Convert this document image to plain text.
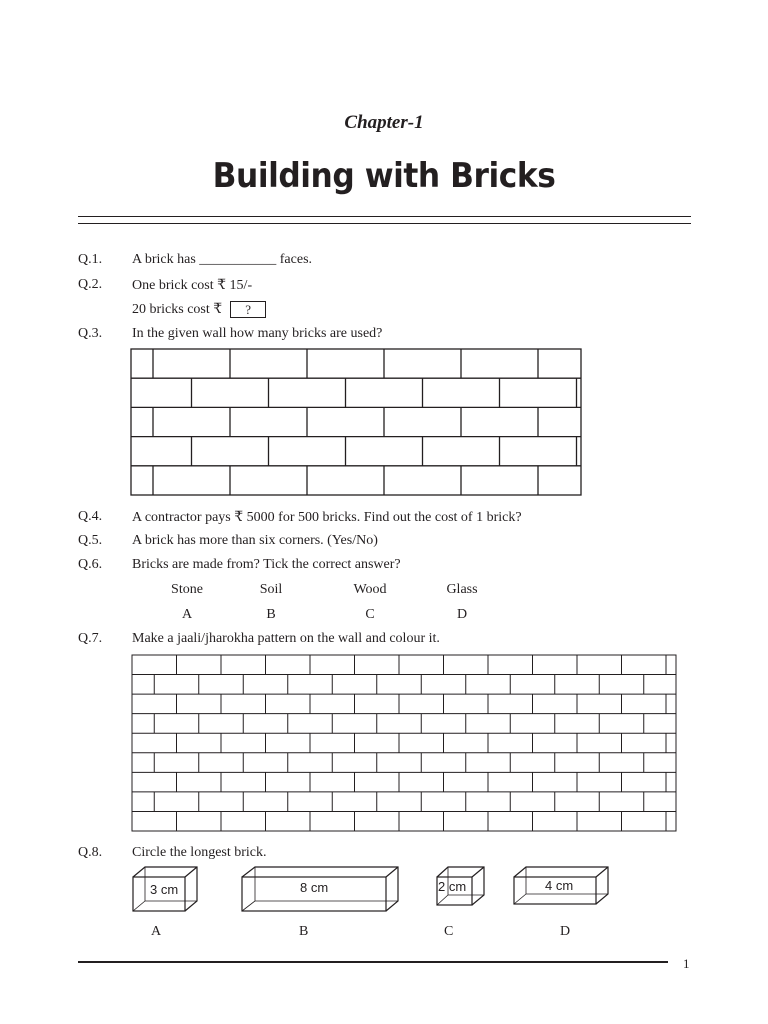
Chapter-1
Building with Bricks
Q.1. A brick has ___________ faces.
Q.2. One brick cost ₹ 15/-
20 bricks cost ₹ ?
Q.3. In the given wall how many bricks are used?
Q.4. A contractor pays ₹ 5000 for 500 bricks. Find out the cost of 1 brick?
Q.5. A brick has more than six corners. (Yes/No)
Q.6. Bricks are made from? Tick the correct answer?
Stone	Soil	Wood	Glass
A	B	C	D
Q.7. Make a jaali/jharokha pattern on the wall and colour it.
Q.8. Circle the longest brick.
3 cm	8 cm	2 cm	4 cm
A	B	C	D
1
